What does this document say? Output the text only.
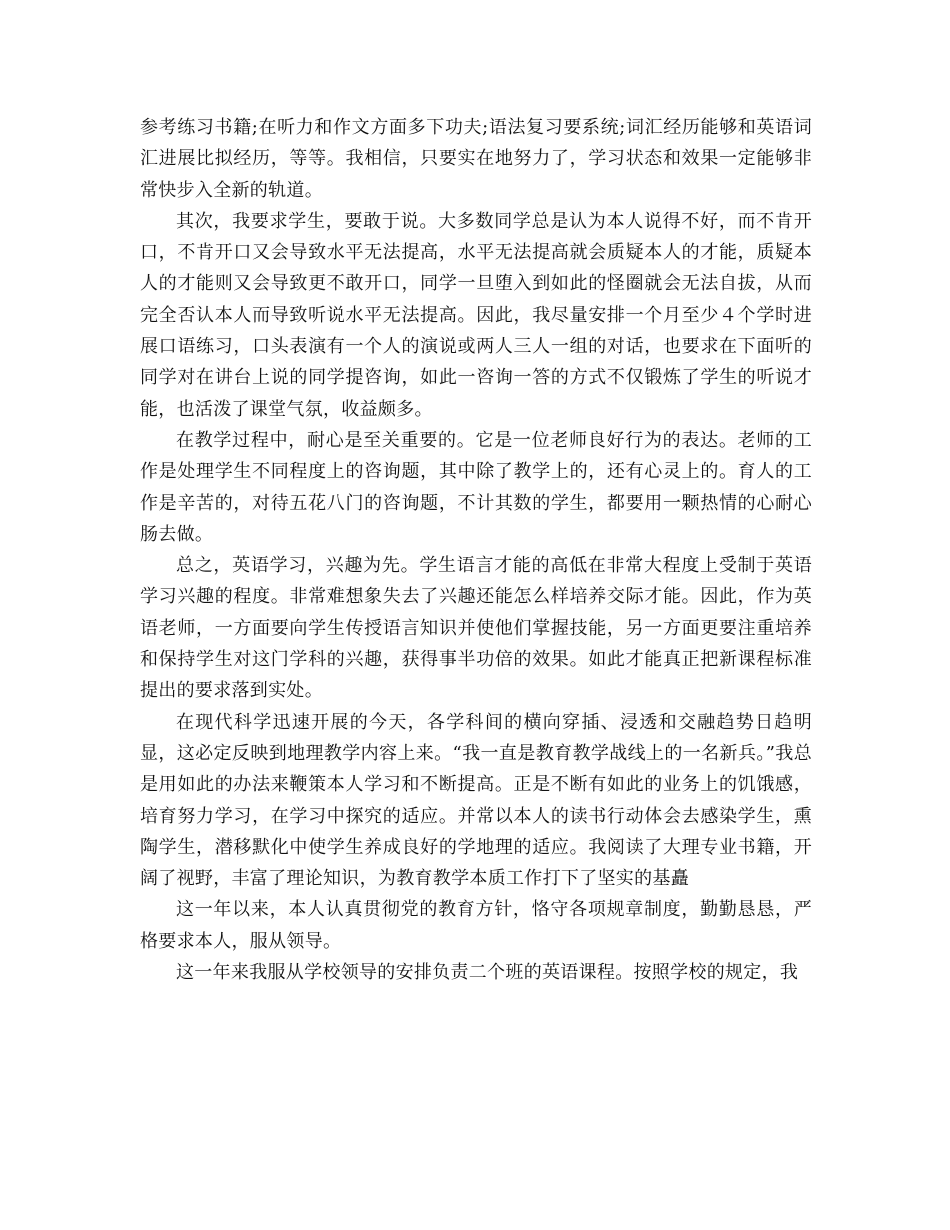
参考练习书籍;在听力和作文方面多下功夫;语法复习要系统;词汇经历能够和英语词汇进展比拟经历，等等。我相信，只要实在地努力了，学习状态和效果一定能够非常快步入全新的轨道。

其次，我要求学生，要敢于说。大多数同学总是认为本人说得不好，而不肯开口，不肯开口又会导致水平无法提高，水平无法提高就会质疑本人的才能，质疑本人的才能则又会导致更不敢开口，同学一旦堕入到如此的怪圈就会无法自拔，从而完全否认本人而导致听说水平无法提高。因此，我尽量安排一个月至少４个学时进展口语练习，口头表演有一个人的演说或两人三人一组的对话，也要求在下面听的同学对在讲台上说的同学提咨询，如此一咨询一答的方式不仅锻炼了学生的听说才能，也活泼了课堂气氛，收益颇多。

在教学过程中，耐心是至关重要的。它是一位老师良好行为的表达。老师的工作是处理学生不同程度上的咨询题，其中除了教学上的，还有心灵上的。育人的工作是辛苦的，对待五花八门的咨询题，不计其数的学生，都要用一颗热情的心耐心肠去做。

总之，英语学习，兴趣为先。学生语言才能的高低在非常大程度上受制于英语学习兴趣的程度。非常难想象失去了兴趣还能怎么样培养交际才能。因此，作为英语老师，一方面要向学生传授语言知识并使他们掌握技能，另一方面更要注重培养和保持学生对这门学科的兴趣，获得事半功倍的效果。如此才能真正把新课程标准提出的要求落到实处。

在现代科学迅速开展的今天，各学科间的横向穿插、浸透和交融趋势日趋明显，这必定反映到地理教学内容上来。“我一直是教育教学战线上的一名新兵。”我总是用如此的办法来鞭策本人学习和不断提高。正是不断有如此的业务上的饥饿感，培育努力学习，在学习中探究的适应。并常以本人的读书行动体会去感染学生，熏陶学生，潜移默化中使学生养成良好的学地理的适应。我阅读了大理专业书籍，开阔了视野，丰富了理论知识，为教育教学本质工作打下了坚实的基矗

这一年以来，本人认真贯彻党的教育方针，恪守各项规章制度，勤勤恳恳，严格要求本人，服从领导。

这一年来我服从学校领导的安排负责二个班的英语课程。按照学校的规定，我
